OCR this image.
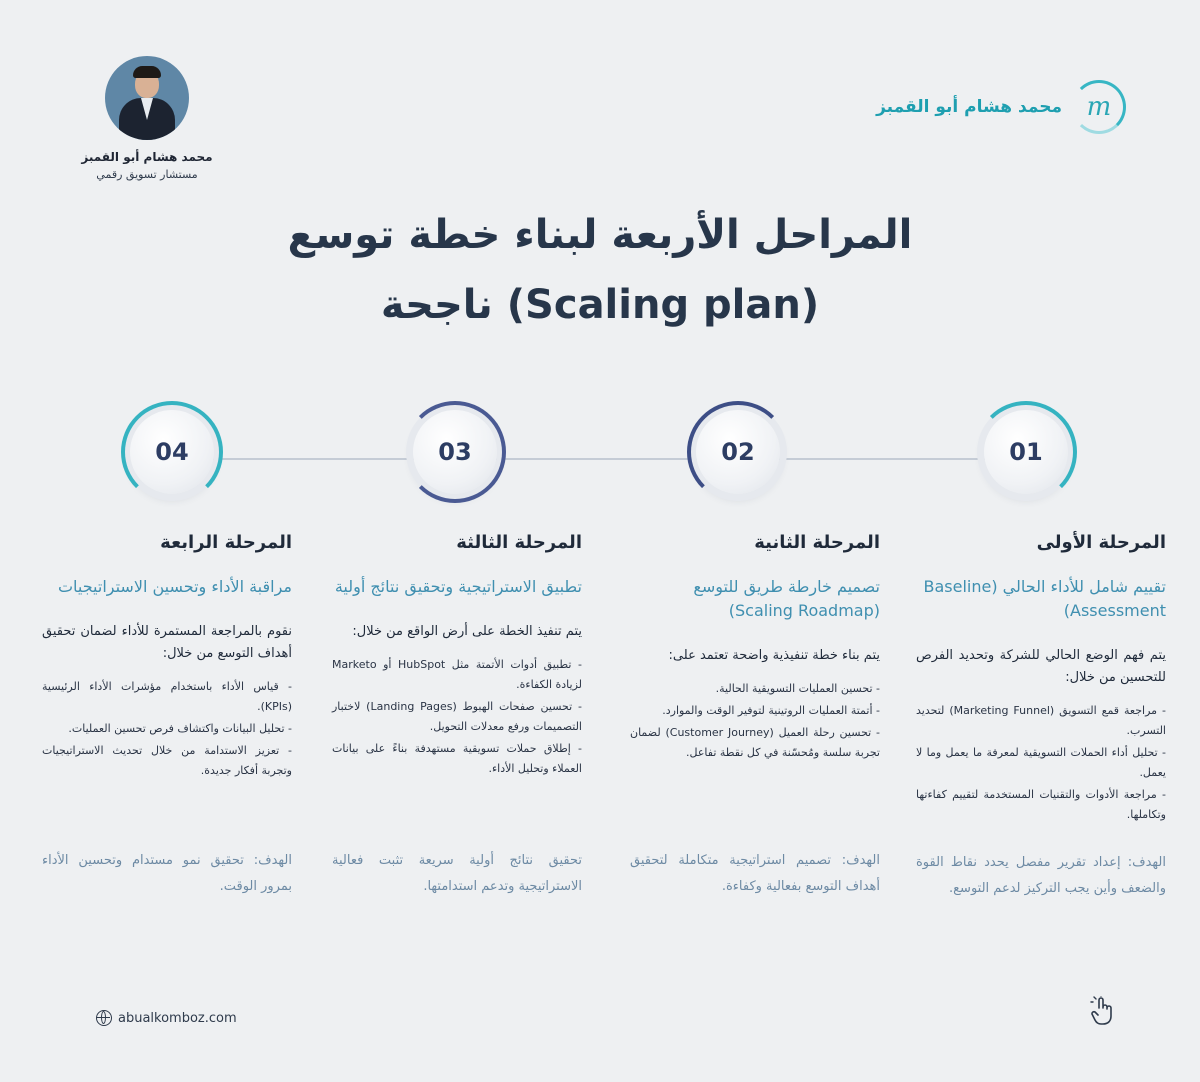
محمد هشام أبو القمبز
مستشار تسويق رقمي
m
محمد هشام أبو القمبز
المراحل الأربعة لبناء خطة توسع
(Scaling plan) ناجحة
01
02
03
04
المرحلة الأولى
تقييم شامل للأداء الحالي (Baseline Assessment)
يتم فهم الوضع الحالي للشركة وتحديد الفرص للتحسين من خلال:
- مراجعة قمع التسويق (Marketing Funnel) لتحديد التسرب.
- تحليل أداء الحملات التسويقية لمعرفة ما يعمل وما لا يعمل.
- مراجعة الأدوات والتقنيات المستخدمة لتقييم كفاءتها وتكاملها.
الهدف: إعداد تقرير مفصل يحدد نقاط القوة والضعف وأين يجب التركيز لدعم التوسع.
المرحلة الثانية
تصميم خارطة طريق للتوسع (Scaling Roadmap)
يتم بناء خطة تنفيذية واضحة تعتمد على:
- تحسين العمليات التسويقية الحالية.
- أتمتة العمليات الروتينية لتوفير الوقت والموارد.
- تحسين رحلة العميل (Customer Journey) لضمان تجربة سلسة ومُحسّنة في كل نقطة تفاعل.
الهدف: تصميم استراتيجية متكاملة لتحقيق أهداف التوسع بفعالية وكفاءة.
المرحلة الثالثة
تطبيق الاستراتيجية وتحقيق نتائج أولية
يتم تنفيذ الخطة على أرض الواقع من خلال:
- تطبيق أدوات الأتمتة مثل HubSpot أو Marketo لزيادة الكفاءة.
- تحسين صفحات الهبوط (Landing Pages) لاختبار التصميمات ورفع معدلات التحويل.
- إطلاق حملات تسويقية مستهدفة بناءً على بيانات العملاء وتحليل الأداء.
تحقيق نتائج أولية سريعة تثبت فعالية الاستراتيجية وتدعم استدامتها.
المرحلة الرابعة
مراقبة الأداء وتحسين الاستراتيجيات
نقوم بالمراجعة المستمرة للأداء لضمان تحقيق أهداف التوسع من خلال:
- قياس الأداء باستخدام مؤشرات الأداء الرئيسية (KPIs).
- تحليل البيانات واكتشاف فرص تحسين العمليات.
- تعزيز الاستدامة من خلال تحديث الاستراتيجيات وتجربة أفكار جديدة.
الهدف: تحقيق نمو مستدام وتحسين الأداء بمرور الوقت.
abualkomboz.com
